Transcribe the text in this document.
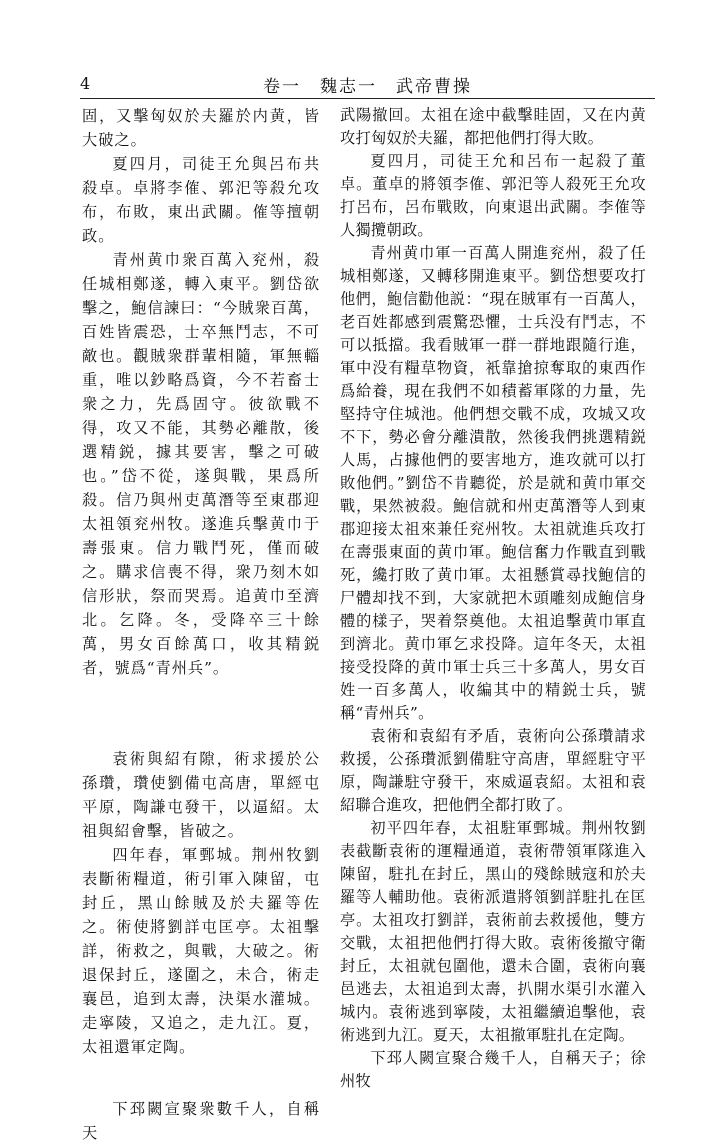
4	卷一　魏志一　武帝曹操

固，又擊匈奴於夫羅於内黄，皆大破之。

夏四月，司徒王允與呂布共殺卓。卓將李傕、郭汜等殺允攻布，布敗，東出武關。傕等擅朝政。

青州黄巾衆百萬入兖州，殺任城相鄭遂，轉入東平。劉岱欲擊之，鮑信諫曰：“今賊衆百萬，百姓皆震恐，士卒無鬥志，不可敵也。觀賊衆群輩相隨，軍無輜重，唯以鈔略爲資，今不若畜士衆之力，先爲固守。彼欲戰不得，攻又不能，其勢必離散，後選精鋭，據其要害，擊之可破也。”岱不從，遂與戰，果爲所殺。信乃與州吏萬潛等至東郡迎太祖領兖州牧。遂進兵擊黄巾于壽張東。信力戰鬥死，僅而破之。購求信喪不得，衆乃刻木如信形狀，祭而哭焉。追黄巾至濟北。乞降。冬，受降卒三十餘萬，男女百餘萬口，收其精鋭者，號爲“青州兵”。

袁術與紹有隙，術求援於公孫瓚，瓚使劉備屯高唐，單經屯平原，陶謙屯發干，以逼紹。太祖與紹會擊，皆破之。

四年春，軍鄄城。荆州牧劉表斷術糧道，術引軍入陳留，屯封丘，黑山餘賊及於夫羅等佐之。術使將劉詳屯匡亭。太祖擊詳，術救之，與戰，大破之。術退保封丘，遂圍之，未合，術走襄邑，追到太壽，決渠水灌城。走寧陵，又追之，走九江。夏，太祖還軍定陶。

下邳闕宣聚衆數千人，自稱天

武陽撤回。太祖在途中截擊眭固，又在内黄攻打匈奴於夫羅，都把他們打得大敗。

夏四月，司徒王允和呂布一起殺了董卓。董卓的將領李傕、郭汜等人殺死王允攻打呂布，呂布戰敗，向東退出武關。李傕等人獨攬朝政。

青州黄巾軍一百萬人開進兖州，殺了任城相鄭遂，又轉移開進東平。劉岱想要攻打他們，鮑信勸他説：“現在賊軍有一百萬人，老百姓都感到震驚恐懼，士兵没有鬥志，不可以抵擋。我看賊軍一群一群地跟隨行進，軍中没有糧草物資，衹靠搶掠奪取的東西作爲給養，現在我們不如積蓄軍隊的力量，先堅持守住城池。他們想交戰不成，攻城又攻不下，勢必會分離潰散，然後我們挑選精鋭人馬，占據他們的要害地方，進攻就可以打敗他們。”劉岱不肯聽從，於是就和黄巾軍交戰，果然被殺。鮑信就和州吏萬潛等人到東郡迎接太祖來兼任兖州牧。太祖就進兵攻打在壽張東面的黄巾軍。鮑信奮力作戰直到戰死，纔打敗了黄巾軍。太祖懸賞尋找鮑信的尸體却找不到，大家就把木頭雕刻成鮑信身體的樣子，哭着祭奠他。太祖追擊黄巾軍直到濟北。黄巾軍乞求投降。這年冬天，太祖接受投降的黄巾軍士兵三十多萬人，男女百姓一百多萬人，收編其中的精鋭士兵，號稱“青州兵”。

袁術和袁紹有矛盾，袁術向公孫瓚請求救援，公孫瓚派劉備駐守高唐，單經駐守平原，陶謙駐守發干，來威逼袁紹。太祖和袁紹聯合進攻，把他們全都打敗了。

初平四年春，太祖駐軍鄄城。荆州牧劉表截斷袁術的運糧通道，袁術帶領軍隊進入陳留，駐扎在封丘，黑山的殘餘賊寇和於夫羅等人輔助他。袁術派遣將領劉詳駐扎在匡亭。太祖攻打劉詳，袁術前去救援他，雙方交戰，太祖把他們打得大敗。袁術後撤守衛封丘，太祖就包圍他，還未合圍，袁術向襄邑逃去，太祖追到太壽，扒開水渠引水灌入城内。袁術逃到寧陵，太祖繼續追擊他，袁術逃到九江。夏天，太祖撤軍駐扎在定陶。

下邳人闕宣聚合幾千人，自稱天子；徐州牧
